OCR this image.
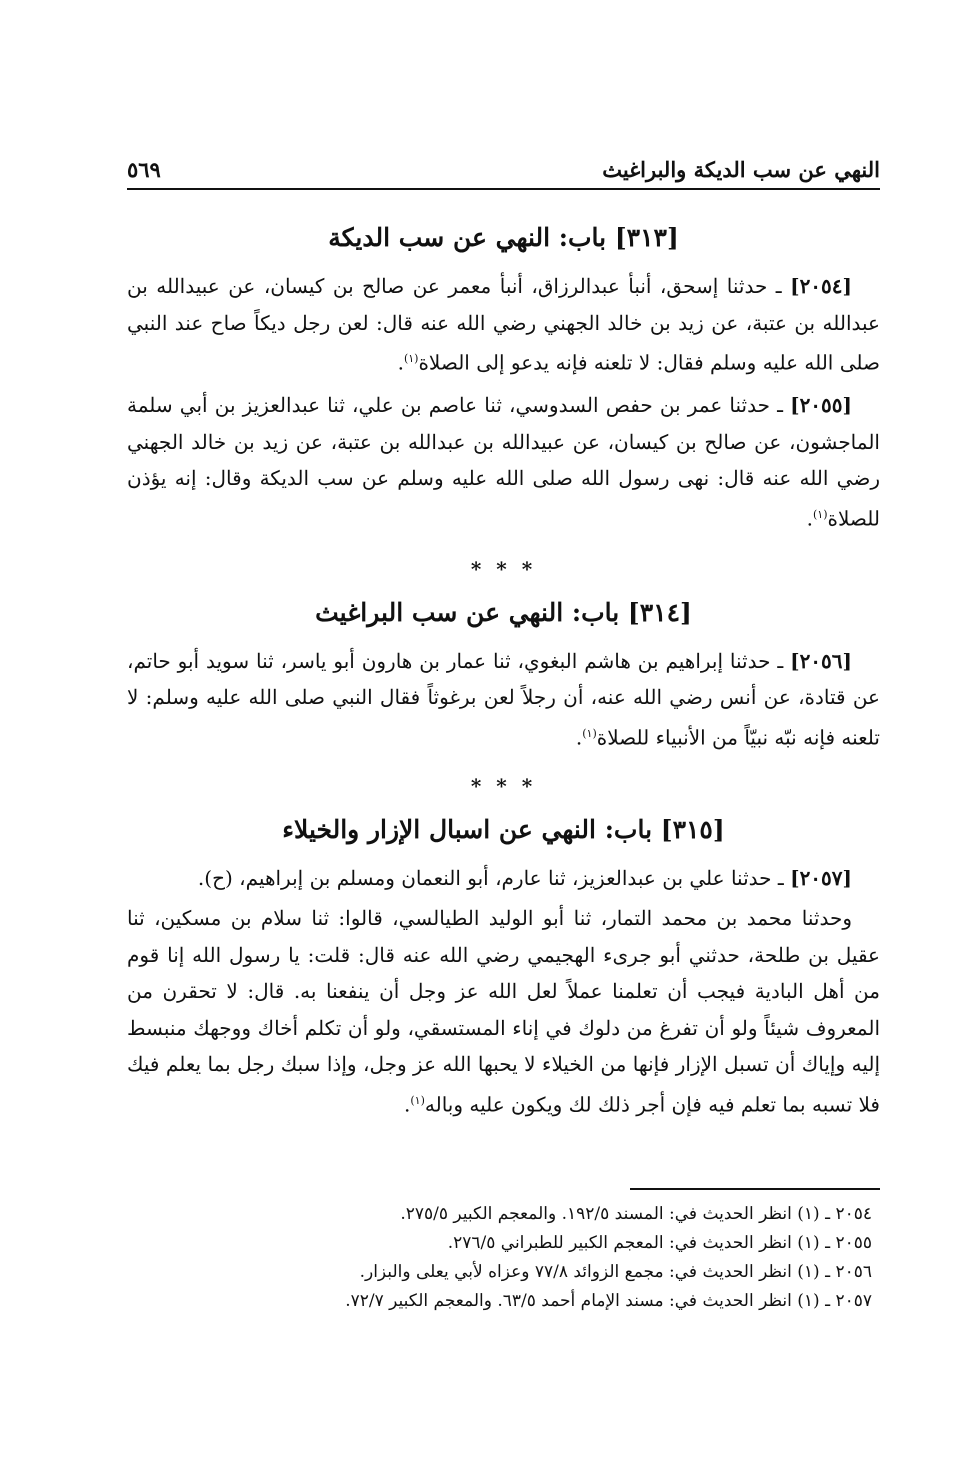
النهي عن سب الديكة والبراغيث
٥٦٩
[٣١٣] باب: النهي عن سب الديكة

[٢٠٥٤] ـ حدثنا إسحق، أنبأ عبدالرزاق، أنبأ معمر عن صالح بن كيسان، عن عبيدالله بن عبدالله بن عتبة، عن زيد بن خالد الجهني رضي الله عنه قال: لعن رجل ديكاً صاح عند النبي صلى الله عليه وسلم فقال: لا تلعنه فإنه يدعو إلى الصلاة$^{(١)}$.

[٢٠٥٥] ـ حدثنا عمر بن حفص السدوسي، ثنا عاصم بن علي، ثنا عبدالعزيز بن أبي سلمة الماجشون، عن صالح بن كيسان، عن عبيدالله بن عبدالله بن عتبة، عن زيد بن خالد الجهني رضي الله عنه قال: نهى رسول الله صلى الله عليه وسلم عن سب الديكة وقال: إنه يؤذن للصلاة$^{(١)}$.

* * *
[٣١٤] باب: النهي عن سب البراغيث

[٢٠٥٦] ـ حدثنا إبراهيم بن هاشم البغوي، ثنا عمار بن هارون أبو ياسر، ثنا سويد أبو حاتم، عن قتادة، عن أنس رضي الله عنه، أن رجلاً لعن برغوثاً فقال النبي صلى الله عليه وسلم: لا تلعنه فإنه نبّه نبيّاً من الأنبياء للصلاة$^{(١)}$.

* * *
[٣١٥] باب: النهي عن اسبال الإزار والخيلاء

[٢٠٥٧] ـ حدثنا علي بن عبدالعزيز، ثنا عارم، أبو النعمان ومسلم بن إبراهيم، (ح).

وحدثنا محمد بن محمد التمار، ثنا أبو الوليد الطيالسي، قالوا: ثنا سلام بن مسكين، ثنا عقيل بن طلحة، حدثني أبو جرىء الهجيمي رضي الله عنه قال: قلت: يا رسول الله إنا قوم من أهل البادية فيجب أن تعلمنا عملاً لعل الله عز وجل أن ينفعنا به. قال: لا تحقرن من المعروف شيئاً ولو أن تفرغ من دلوك في إناء المستسقي، ولو أن تكلم أخاك ووجهك منبسط إليه وإياك أن تسبل الإزار فإنها من الخيلاء لا يحبها الله عز وجل، وإذا سبك رجل بما يعلم فيك فلا تسبه بما تعلم فيه فإن أجر ذلك لك ويكون عليه وباله$^{(١)}$.

٢٠٥٤ ـ (١) انظر الحديث في: المسند ١٩٢/٥. والمعجم الكبير ٢٧٥/٥.

٢٠٥٥ ـ (١) انظر الحديث في: المعجم الكبير للطبراني ٢٧٦/٥.

٢٠٥٦ ـ (١) انظر الحديث في: مجمع الزوائد ٧٧/٨ وعزاه لأبي يعلى والبزار.

٢٠٥٧ ـ (١) انظر الحديث في: مسند الإمام أحمد ٦٣/٥. والمعجم الكبير ٧٢/٧.
